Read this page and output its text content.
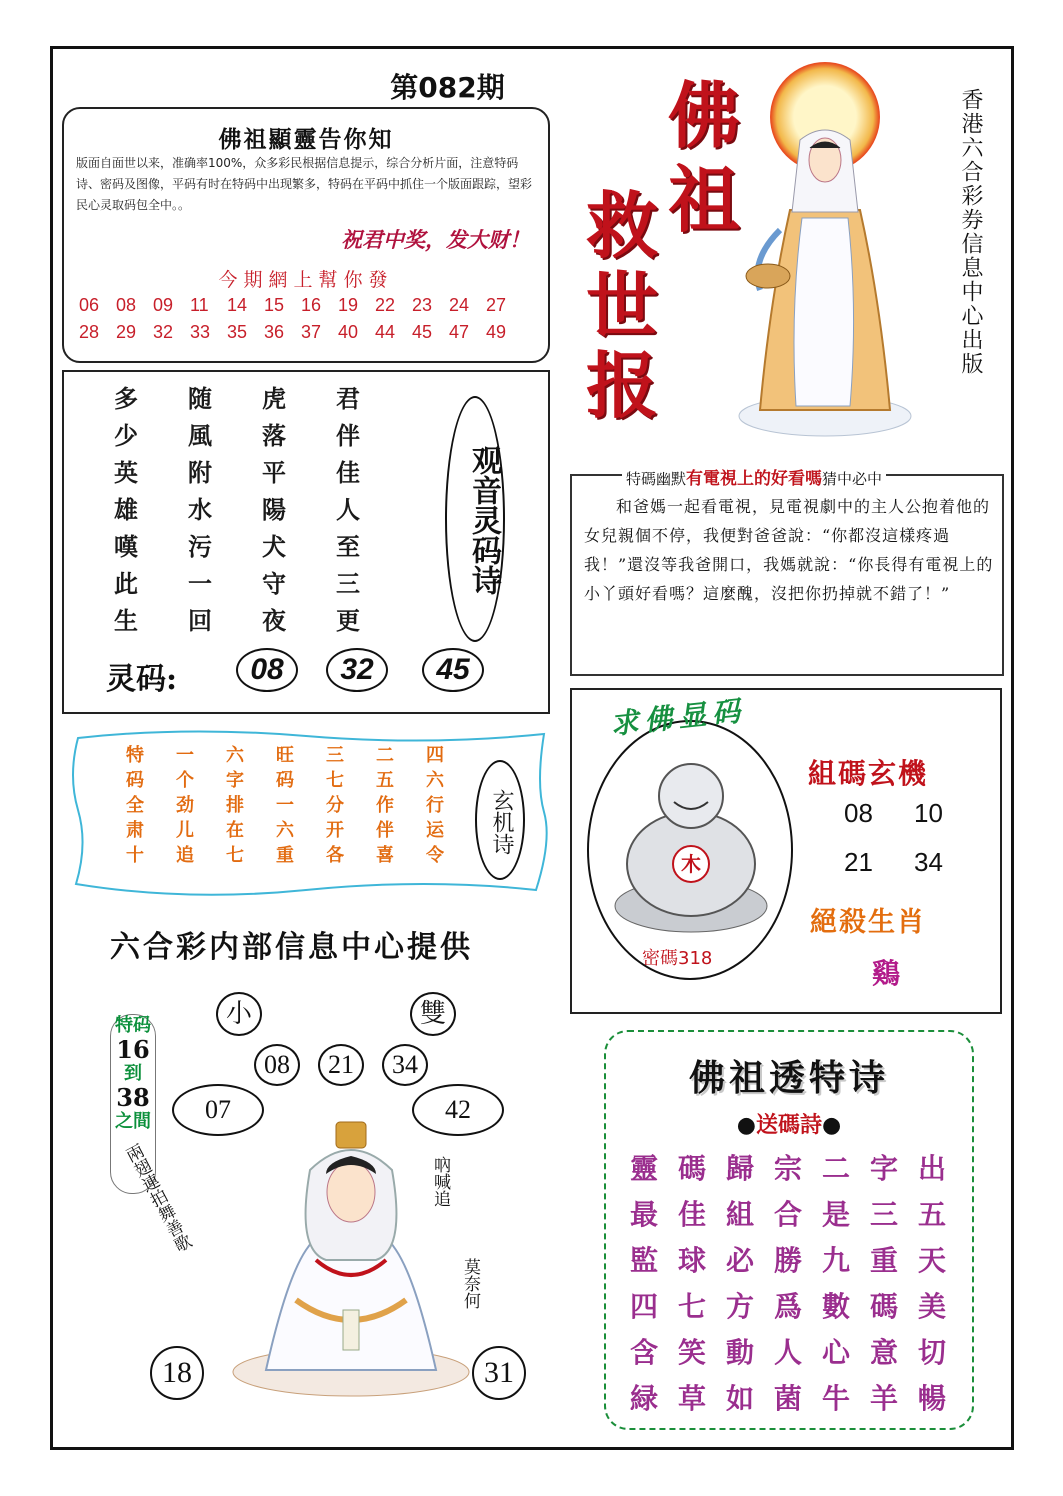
第082期
佛祖顯靈告你知
版面自面世以来，准确率100%，众多彩民根据信息提示，综合分析片面，注意特码诗、密码及图像，平码有时在特码中出现繁多，特码在平码中抓住一个版面跟踪，望彩民心灵取码包全中。。
祝君中奖，发大财！
今期網上幫你發
06 08 09 11	14 15 16 19 22 23 24 27
28 29 32 33 35 36 37 40 44 45 47 49
多	随	虎	君
少	風	落	伴
英	附	平	佳
雄	水	陽	人
嘆	污	犬	至
此	一	守	三
生	回	夜	更
观音灵码诗
灵码:	08	32	45
特	一	六	旺	三	二	四
码	个	字	码	七	五	六
全	劲	排	一	分	作	行
肃	儿	在	六	开	伴	运
十	追	七	重	各	喜	令
玄机诗
六合彩内部信息中心提供
特码
16
到
38
之間
小	雙
08	21	34
07	42
兩翅連拍舞善歌	吶喊追
莫奈何
18	31
佛
祖
救
世
报
香港六合彩券信息中心出版
特碼幽默有電視上的好看嗎猜中必中
和爸媽一起看電視，見電視劇中的主人公抱着他的女兒親個不停，我便對爸爸說：“你都沒這樣疼過我！”還沒等我爸開口，我媽就說：“你長得有電視上的小丫頭好看嗎？這麼醜，沒把你扔掉就不錯了！”
求佛显码
木
密碼318
組碼玄機
08	10
21	34
絕殺生肖
鷄
佛祖透特诗
●送碼詩●
靈 碼 歸 宗 二 字 出
最 佳 組 合 是 三 五
監 球 必 勝 九 重 天
四 七 方 爲 數 碼 美
含 笑 動 人 心 意 切
緑 草 如 菌 牛 羊 暢
